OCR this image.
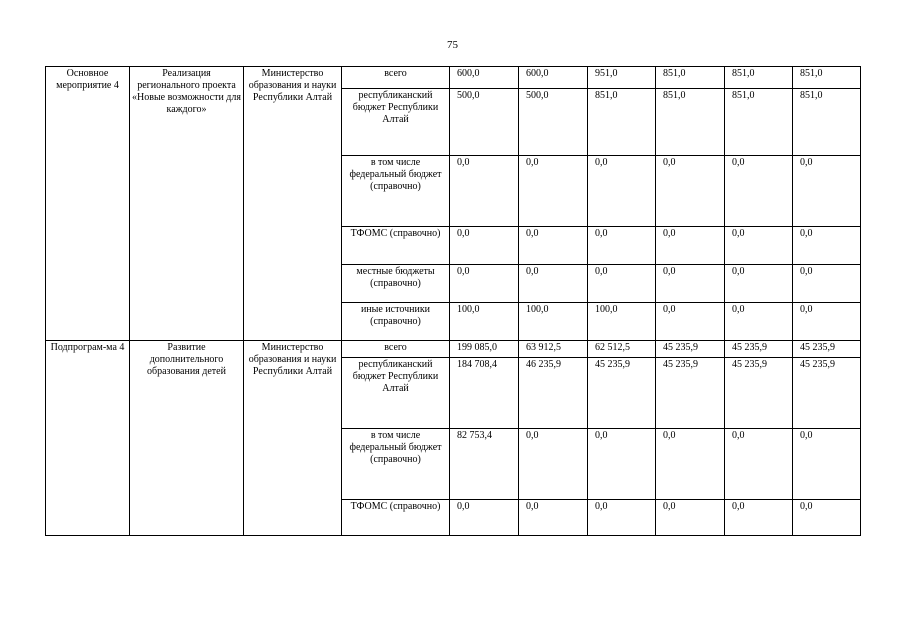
75
Основное мероприятие 4	Реализация регионального проекта «Новые возможности для каждого»	Министерство образования и науки Республики Алтай	всего	600,0	600,0	951,0	851,0	851,0	851,0
			республиканский бюджет Республики Алтай	500,0	500,0	851,0	851,0	851,0	851,0
			в том числе федеральный бюджет (справочно)	0,0	0,0	0,0	0,0	0,0	0,0
			ТФОМС (справочно)	0,0	0,0	0,0	0,0	0,0	0,0
			местные бюджеты (справочно)	0,0	0,0	0,0	0,0	0,0	0,0
			иные источники (справочно)	100,0	100,0	100,0	0,0	0,0	0,0
Подпрограм-ма 4	Развитие дополнительного образования детей	Министерство образования и науки Республики Алтай	всего	199 085,0	63 912,5	62 512,5	45 235,9	45 235,9	45 235,9
			республиканский бюджет Республики Алтай	184 708,4	46 235,9	45 235,9	45 235,9	45 235,9	45 235,9
			в том числе федеральный бюджет (справочно)	82 753,4	0,0	0,0	0,0	0,0	0,0
			ТФОМС (справочно)	0,0	0,0	0,0	0,0	0,0	0,0
